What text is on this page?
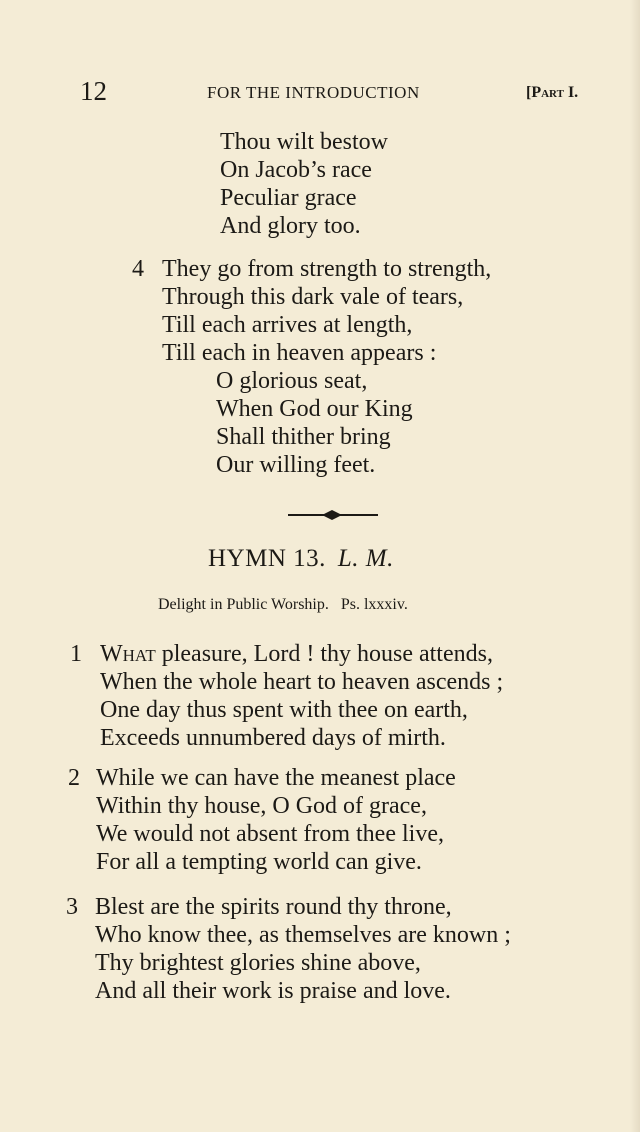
12	FOR THE INTRODUCTION	[Part I.
Thou wilt bestow
On Jacob’s race
Peculiar grace
And glory too.
4 They go from strength to strength,
Through this dark vale of tears,
Till each arrives at length,
Till each in heaven appears :
O glorious seat,
When God our King
Shall thither bring
Our willing feet.
HYMN 13. L. M.
Delight in Public Worship. Ps. lxxxiv.
1 What pleasure, Lord ! thy house attends,
When the whole heart to heaven ascends ;
One day thus spent with thee on earth,
Exceeds unnumbered days of mirth.
2 While we can have the meanest place
Within thy house, O God of grace,
We would not absent from thee live,
For all a tempting world can give.
3 Blest are the spirits round thy throne,
Who know thee, as themselves are known ;
Thy brightest glories shine above,
And all their work is praise and love.
